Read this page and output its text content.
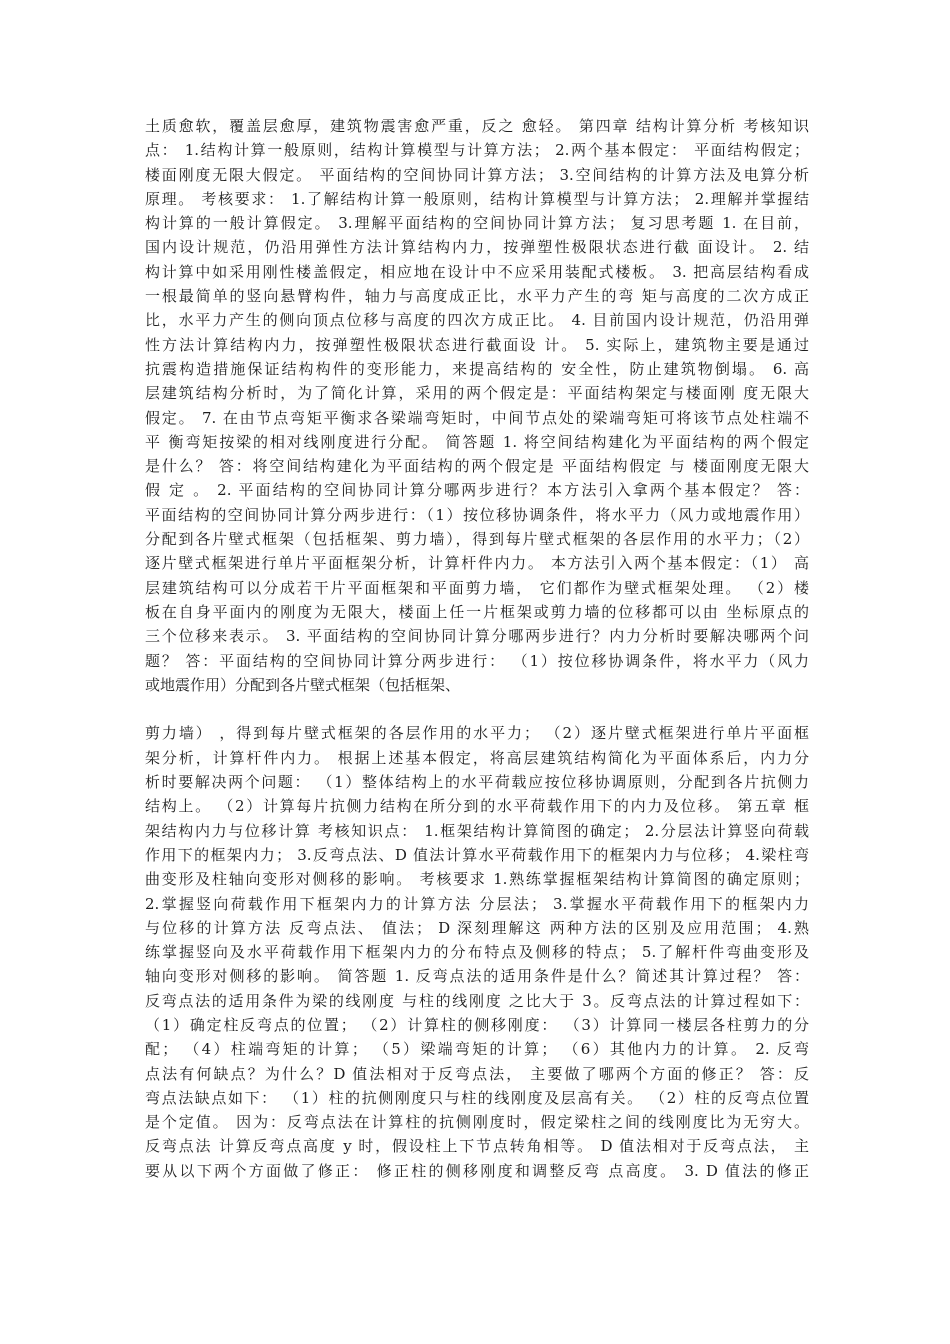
土质愈软，覆盖层愈厚，建筑物震害愈严重，反之 愈轻。 第四章 结构计算分析 考核知识
点： 1.结构计算一般原则，结构计算模型与计算方法； 2.两个基本假定： 平面结构假定；
楼面刚度无限大假定。 平面结构的空间协同计算方法； 3.空间结构的计算方法及电算分析
原理。 考核要求： 1.了解结构计算一般原则，结构计算模型与计算方法； 2.理解并掌握结
构计算的一般计算假定。 3.理解平面结构的空间协同计算方法； 复习思考题 1. 在目前，
国内设计规范，仍沿用弹性方法计算结构内力，按弹塑性极限状态进行截 面设计。 2. 结
构计算中如采用刚性楼盖假定，相应地在设计中不应采用装配式楼板。 3. 把高层结构看成
一根最简单的竖向悬臂构件，轴力与高度成正比，水平力产生的弯 矩与高度的二次方成正
比，水平力产生的侧向顶点位移与高度的四次方成正比。 4. 目前国内设计规范，仍沿用弹
性方法计算结构内力，按弹塑性极限状态进行截面设 计。 5. 实际上，建筑物主要是通过
抗震构造措施保证结构构件的变形能力，来提高结构的 安全性，防止建筑物倒塌。 6. 高
层建筑结构分析时，为了简化计算，采用的两个假定是：平面结构架定与楼面刚 度无限大
假定。 7. 在由节点弯矩平衡求各梁端弯矩时，中间节点处的梁端弯矩可将该节点处柱端不
平 衡弯矩按梁的相对线刚度进行分配。 简答题 1. 将空间结构建化为平面结构的两个假定
是什么？ 答：将空间结构建化为平面结构的两个假定是 平面结构假定 与 楼面刚度无限大
假 定 。 2. 平面结构的空间协同计算分哪两步进行？本方法引入拿两个基本假定？ 答：
平面结构的空间协同计算分两步进行：（1）按位移协调条件，将水平力（风力或地震作用）
分配到各片壁式框架（包括框架、剪力墙），得到每片壁式框架的各层作用的水平力；（2）
逐片壁式框架进行单片平面框架分析，计算杆件内力。 本方法引入两个基本假定：（1） 高
层建筑结构可以分成若干片平面框架和平面剪力墙， 它们都作为壁式框架处理。 （2）楼
板在自身平面内的刚度为无限大，楼面上任一片框架或剪力墙的位移都可以由 坐标原点的
三个位移来表示。 3. 平面结构的空间协同计算分哪两步进行？内力分析时要解决哪两个问
题？ 答：平面结构的空间协同计算分两步进行： （1）按位移协调条件，将水平力（风力
或地震作用）分配到各片壁式框架（包括框架、
剪力墙） ，得到每片壁式框架的各层作用的水平力； （2）逐片壁式框架进行单片平面框
架分析，计算杆件内力。 根据上述基本假定，将高层建筑结构简化为平面体系后，内力分
析时要解决两个问题： （1）整体结构上的水平荷载应按位移协调原则，分配到各片抗侧力
结构上。 （2）计算每片抗侧力结构在所分到的水平荷载作用下的内力及位移。 第五章 框
架结构内力与位移计算 考核知识点： 1.框架结构计算简图的确定； 2.分层法计算竖向荷载
作用下的框架内力； 3.反弯点法、D 值法计算水平荷载作用下的框架内力与位移； 4.梁柱弯
曲变形及柱轴向变形对侧移的影响。 考核要求 1.熟练掌握框架结构计算简图的确定原则；
2.掌握竖向荷载作用下框架内力的计算方法 分层法； 3.掌握水平荷载作用下的框架内力
与位移的计算方法 反弯点法、 值法； D 深刻理解这 两种方法的区别及应用范围； 4.熟
练掌握竖向及水平荷载作用下框架内力的分布特点及侧移的特点； 5.了解杆件弯曲变形及
轴向变形对侧移的影响。 简答题 1. 反弯点法的适用条件是什么？简述其计算过程？ 答：
反弯点法的适用条件为梁的线刚度 与柱的线刚度 之比大于 3。反弯点法的计算过程如下：
（1）确定柱反弯点的位置； （2）计算柱的侧移刚度： （3）计算同一楼层各柱剪力的分
配； （4）柱端弯矩的计算； （5）梁端弯矩的计算； （6）其他内力的计算。 2. 反弯
点法有何缺点？为什么？D 值法相对于反弯点法， 主要做了哪两个方面的修正？ 答：反
弯点法缺点如下： （1）柱的抗侧刚度只与柱的线刚度及层高有关。 （2）柱的反弯点位置
是个定值。 因为：反弯点法在计算柱的抗侧刚度时，假定梁柱之间的线刚度比为无穷大。
反弯点法 计算反弯点高度 y 时，假设柱上下节点转角相等。 D 值法相对于反弯点法， 主
要从以下两个方面做了修正： 修正柱的侧移刚度和调整反弯 点高度。 3. D 值法的修正
